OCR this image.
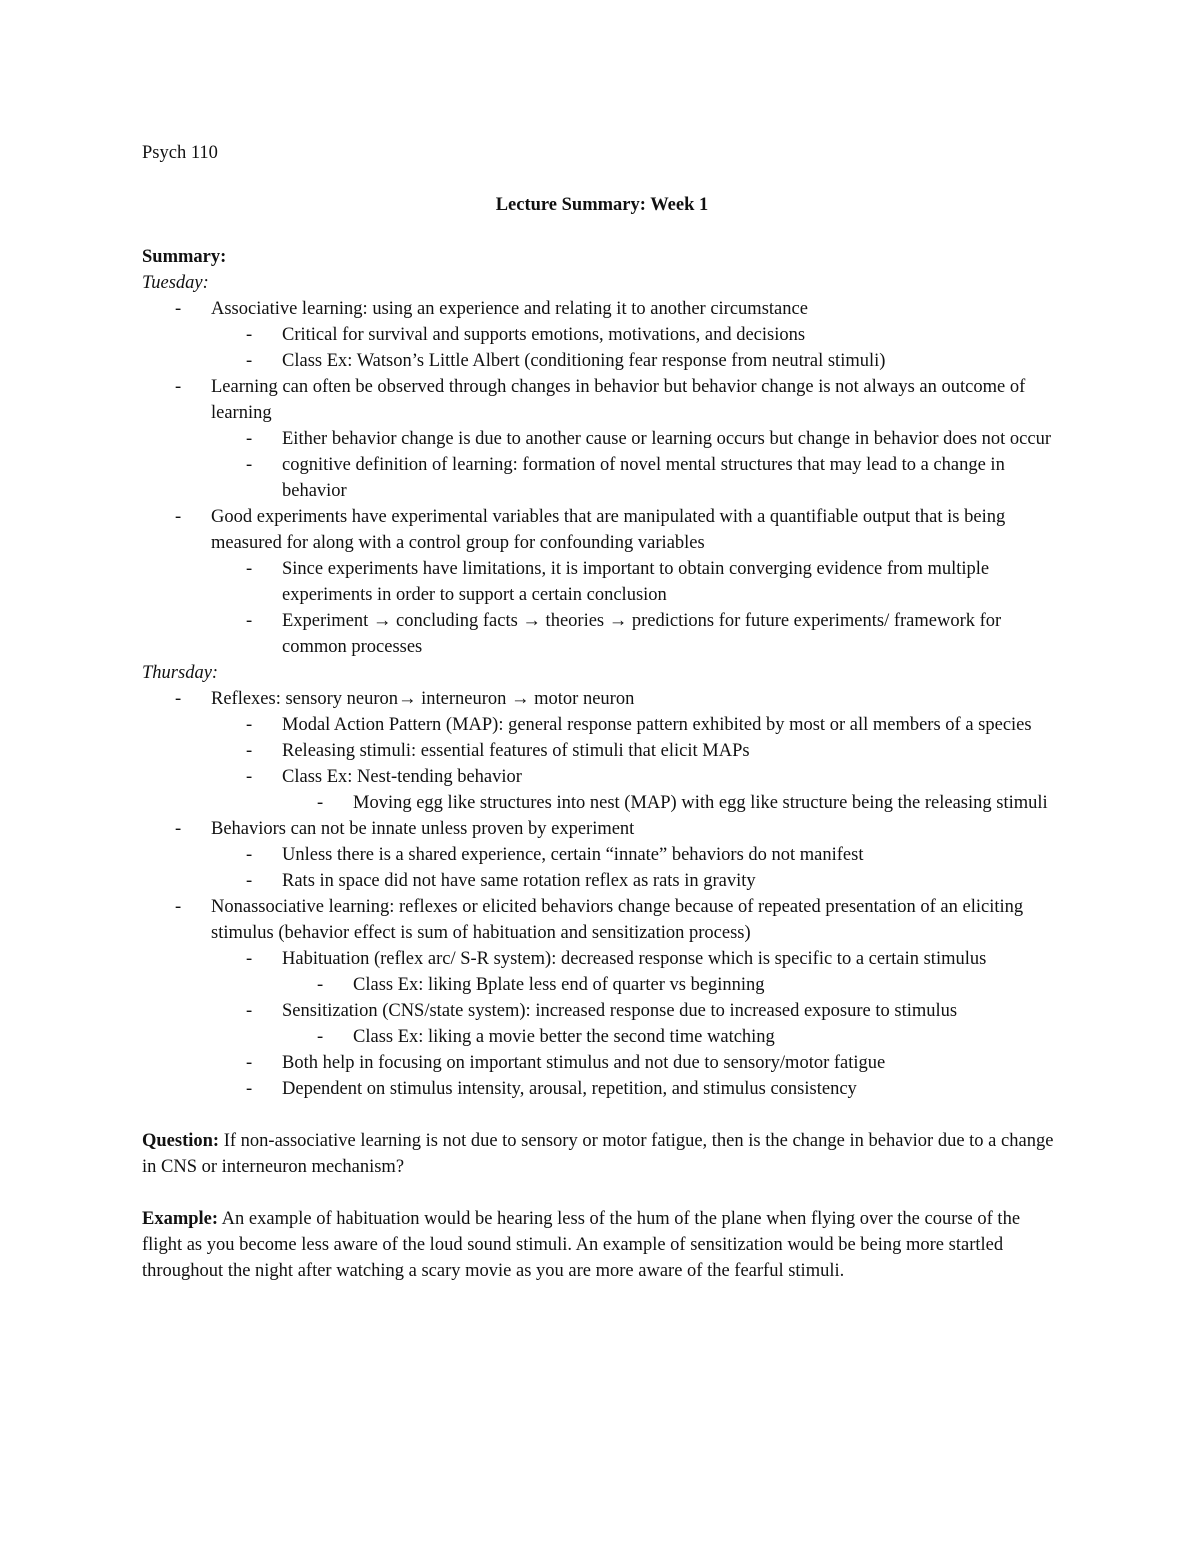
Psych 110
Lecture Summary: Week 1
Summary:
Tuesday:
- Associative learning: using an experience and relating it to another circumstance
- Critical for survival and supports emotions, motivations, and decisions
- Class Ex: Watson’s Little Albert (conditioning fear response from neutral stimuli)
- Learning can often be observed through changes in behavior but behavior change is not always an outcome of learning
- Either behavior change is due to another cause or learning occurs but change in behavior does not occur
- cognitive definition of learning: formation of novel mental structures that may lead to a change in behavior
- Good experiments have experimental variables that are manipulated with a quantifiable output that is being measured for along with a control group for confounding variables
- Since experiments have limitations, it is important to obtain converging evidence from multiple experiments in order to support a certain conclusion
- Experiment → concluding facts → theories → predictions for future experiments/ framework for common processes
Thursday:
- Reflexes: sensory neuron→ interneuron → motor neuron
- Modal Action Pattern (MAP): general response pattern exhibited by most or all members of a species
- Releasing stimuli: essential features of stimuli that elicit MAPs
- Class Ex: Nest-tending behavior
- Moving egg like structures into nest (MAP) with egg like structure being the releasing stimuli
- Behaviors can not be innate unless proven by experiment
- Unless there is a shared experience, certain “innate” behaviors do not manifest
- Rats in space did not have same rotation reflex as rats in gravity
- Nonassociative learning: reflexes or elicited behaviors change because of repeated presentation of an eliciting stimulus (behavior effect is sum of habituation and sensitization process)
- Habituation (reflex arc/ S-R system): decreased response which is specific to a certain stimulus
- Class Ex: liking Bplate less end of quarter vs beginning
- Sensitization (CNS/state system): increased response due to increased exposure to stimulus
- Class Ex: liking a movie better the second time watching
- Both help in focusing on important stimulus and not due to sensory/motor fatigue
- Dependent on stimulus intensity, arousal, repetition, and stimulus consistency
Question: If non-associative learning is not due to sensory or motor fatigue, then is the change in behavior due to a change in CNS or interneuron mechanism?
Example: An example of habituation would be hearing less of the hum of the plane when flying over the course of the flight as you become less aware of the loud sound stimuli. An example of sensitization would be being more startled throughout the night after watching a scary movie as you are more aware of the fearful stimuli.
